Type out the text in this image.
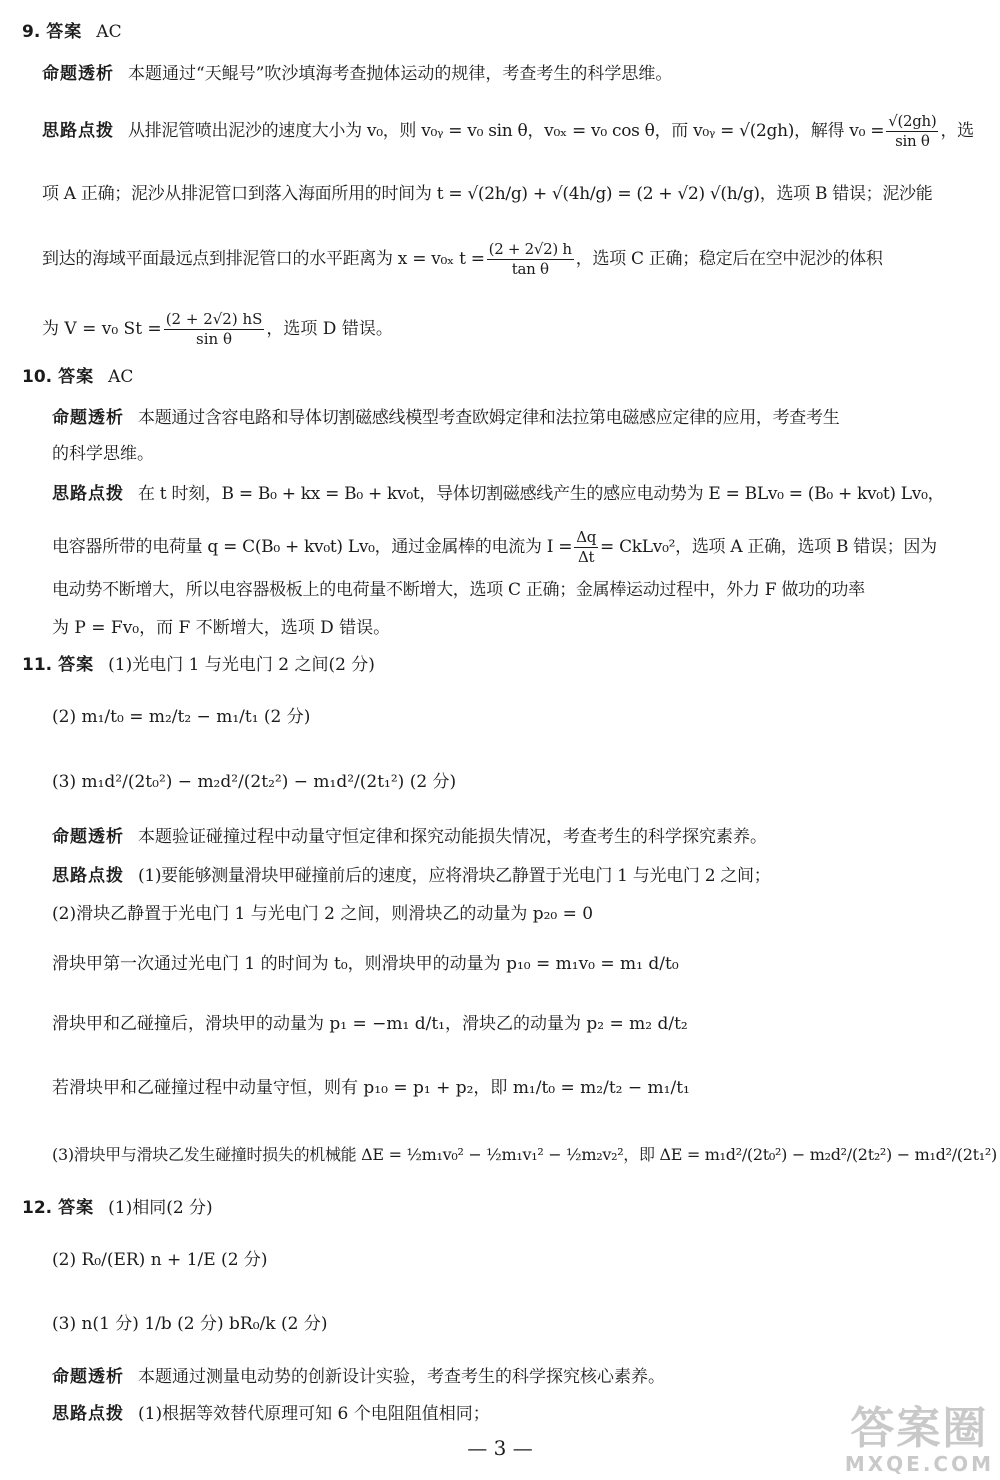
9. 答案 AC
命题透析 本题通过“天鲲号”吹沙填海考查抛体运动的规律，考查考生的科学思维。
思路点拨 从排泥管喷出泥沙的速度大小为 v₀，则 v₀ᵧ = v₀ sin θ，v₀ₓ = v₀ cos θ，而 v₀ᵧ = √(2gh)，解得 $v_0 = \frac{√(2gh)}{\text{sin θ}}$ ，选
项 A 正确；泥沙从排泥管口到落入海面所用的时间为 t = √(2h/g) + √(4h/g) = (2 + √2) √(h/g)，选项 B 错误；泥沙能
到达的海域平面最远点到排泥管口的水平距离为 x = v₀ₓ $t = \frac{(2 + 2√2) h}{\text{tan θ}}$ ，选项 C 正确；稳定后在空中泥沙的体积
为 V = v₀ $St = \frac{(2 + 2√2) hS}{\text{sin θ}}$ ，选项 D 错误。
10. 答案 AC
命题透析 本题通过含容电路和导体切割磁感线模型考查欧姆定律和法拉第电磁感应定律的应用，考查考生
的科学思维。
思路点拨 在 t 时刻，B = B₀ + kx = B₀ + kv₀t，导体切割磁感线产生的感应电动势为 E = BLv₀ = (B₀ + kv₀t) Lv₀，
电容器所带的电荷量 q = C(B₀ + kv₀t) Lv₀，通过金属棒的电流为 $I = \frac{\Delta q}{\Delta t}$ = CkLv₀²，选项 A 正确，选项 B 错误；因为
电动势不断增大，所以电容器极板上的电荷量不断增大，选项 C 正确；金属棒运动过程中，外力 F 做功的功率
为 P = Fv₀，而 F 不断增大，选项 D 错误。
11. 答案 (1)光电门 1 与光电门 2 之间(2 分)
(2) m₁/t₀ = m₂/t₂ − m₁/t₁ (2 分)
(3) m₁d²/(2t₀²) − m₂d²/(2t₂²) − m₁d²/(2t₁²) (2 分)
命题透析 本题验证碰撞过程中动量守恒定律和探究动能损失情况，考查考生的科学探究素养。
思路点拨 (1)要能够测量滑块甲碰撞前后的速度，应将滑块乙静置于光电门 1 与光电门 2 之间；
(2)滑块乙静置于光电门 1 与光电门 2 之间，则滑块乙的动量为 p₂₀ = 0
滑块甲第一次通过光电门 1 的时间为 t₀，则滑块甲的动量为 p₁₀ = m₁v₀ = m₁ d/t₀
滑块甲和乙碰撞后，滑块甲的动量为 p₁ = −m₁ d/t₁，滑块乙的动量为 p₂ = m₂ d/t₂
若滑块甲和乙碰撞过程中动量守恒，则有 p₁₀ = p₁ + p₂，即 m₁/t₀ = m₂/t₂ − m₁/t₁
(3)滑块甲与滑块乙发生碰撞时损失的机械能 ΔE = ½m₁v₀² − ½m₁v₁² − ½m₂v₂²，即 ΔE = m₁d²/(2t₀²) − m₂d²/(2t₂²) − m₁d²/(2t₁²)
12. 答案 (1)相同(2 分)
(2) R₀/(ER) n + 1/E (2 分)
(3) n(1 分) 1/b (2 分) bR₀/k (2 分)
命题透析 本题通过测量电动势的创新设计实验，考查考生的科学探究核心素养。
思路点拨 (1)根据等效替代原理可知 6 个电阻阻值相同；
— 3 —	答案圈
MXQE.COM
